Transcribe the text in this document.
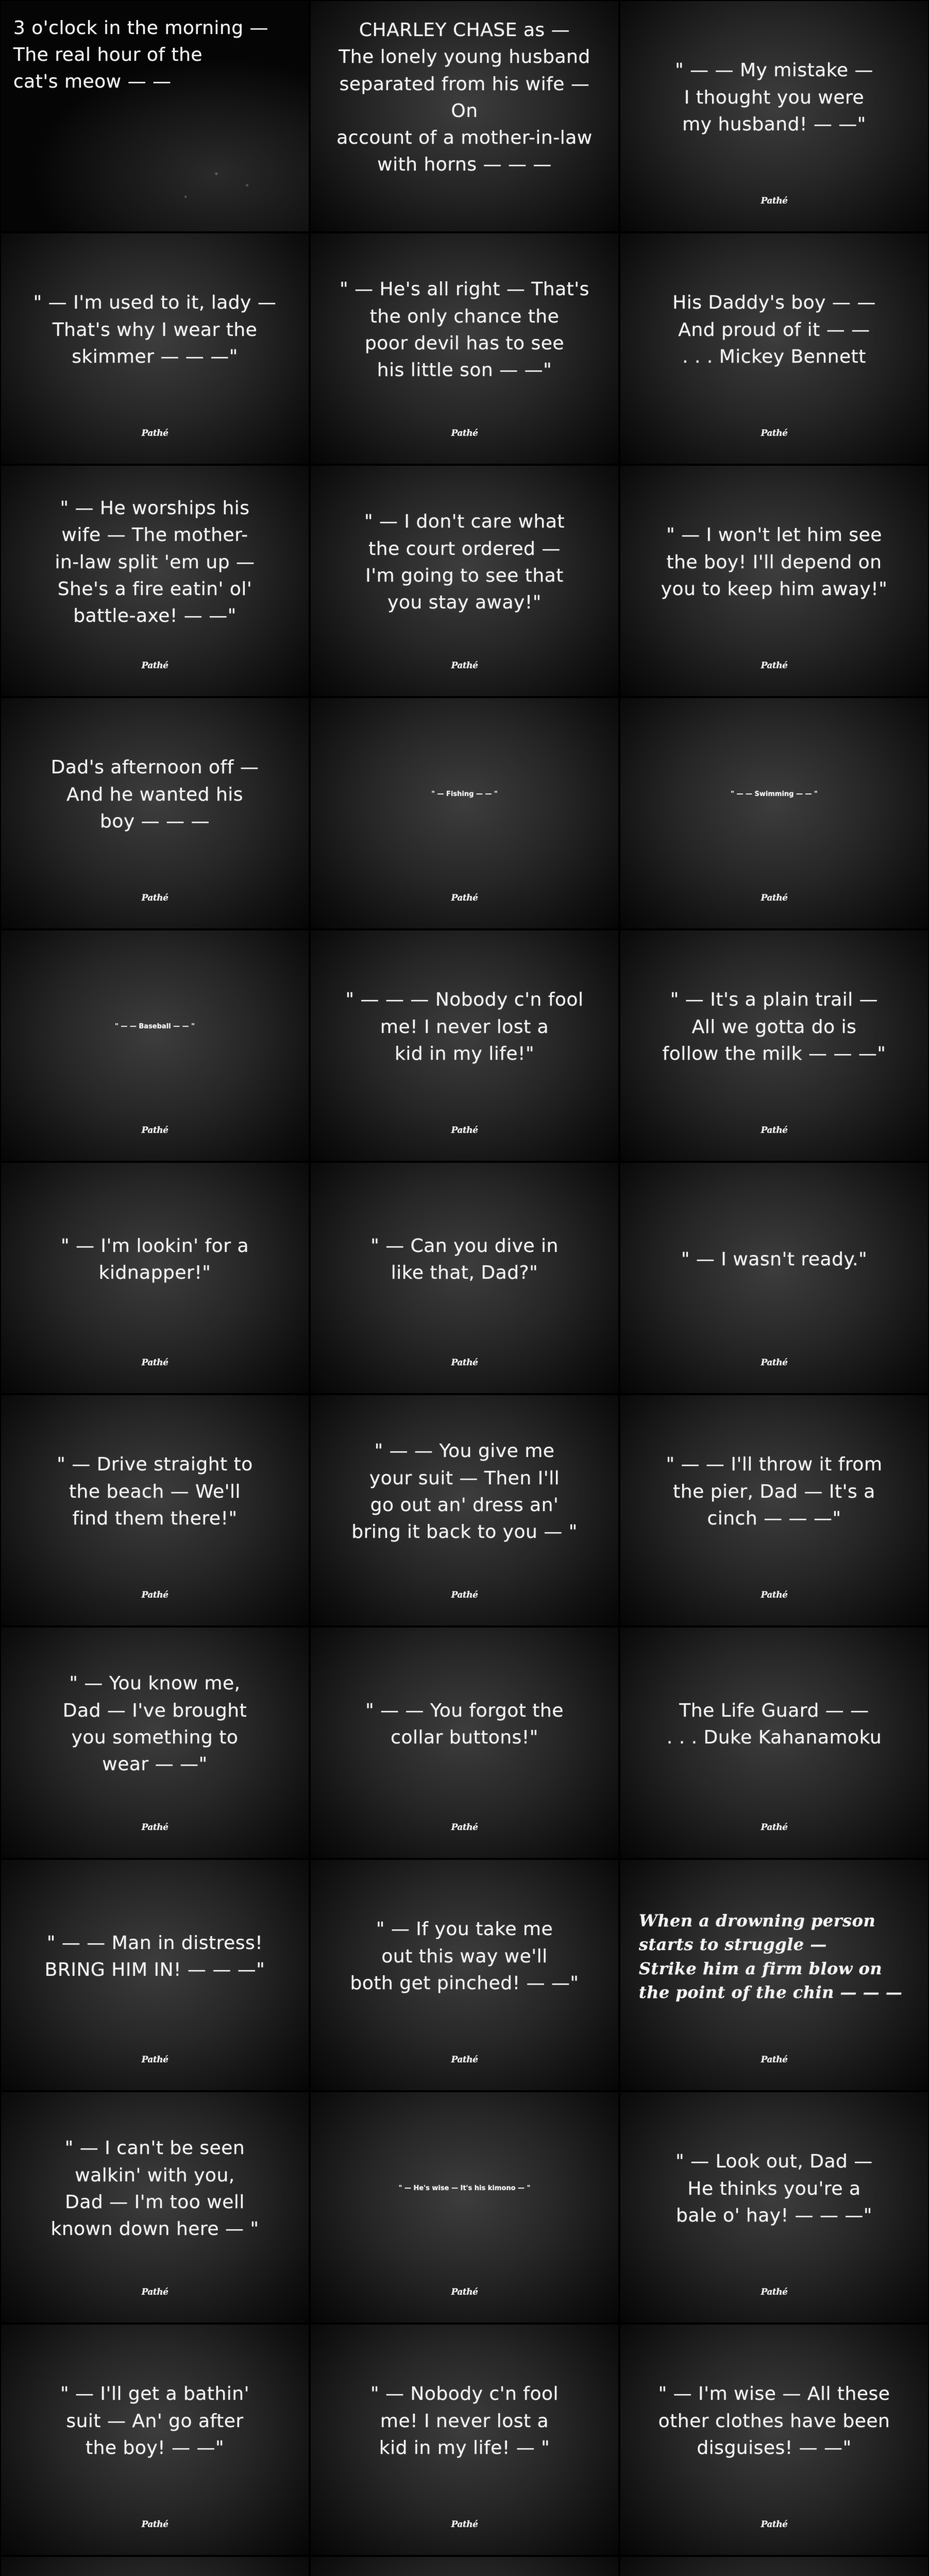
3 o'clock in the morning —
The real hour of the
cat's meow — —
CHARLEY CHASE as —
The lonely young husband
separated from his wife — On
account of a mother-in-law
with horns — — —
" — — My mistake —
I thought you were
my husband! — —"
Pathé
" — I'm used to it, lady —
That's why I wear the
skimmer — — —"
Pathé
" — He's all right — That's
the only chance the
poor devil has to see
his little son — —"
Pathé
His Daddy's boy — —
And proud of it — —
. . . Mickey Bennett
Pathé
" — He worships his
wife — The mother-
in-law split 'em up —
She's a fire eatin' ol'
battle-axe! — —"
Pathé
" — I don't care what
the court ordered —
I'm going to see that
you stay away!"
Pathé
" — I won't let him see
the boy! I'll depend on
you to keep him away!"
Pathé
Dad's afternoon off —
And he wanted his
boy — — —
Pathé
" — Fishing — — "
Pathé
" — — Swimming — — "
Pathé
" — — Baseball — — "
Pathé
" — — — Nobody c'n fool
me! I never lost a
kid in my life!"
Pathé
" — It's a plain trail —
All we gotta do is
follow the milk — — —"
Pathé
" — I'm lookin' for a
kidnapper!"
Pathé
" — Can you dive in
like that, Dad?"
Pathé
" — I wasn't ready."
Pathé
" — Drive straight to
the beach — We'll
find them there!"
Pathé
" — — You give me
your suit — Then I'll
go out an' dress an'
bring it back to you — "
Pathé
" — — I'll throw it from
the pier, Dad — It's a
cinch — — —"
Pathé
" — You know me,
Dad — I've brought
you something to
wear — —"
Pathé
" — — You forgot the
collar buttons!"
Pathé
The Life Guard — —
. . . Duke Kahanamoku
Pathé
" — — Man in distress!
BRING HIM IN! — — —"
Pathé
" — If you take me
out this way we'll
both get pinched! — —"
Pathé
When a drowning person
starts to struggle —
Strike him a firm blow on
the point of the chin — — —
Pathé
" — I can't be seen
walkin' with you,
Dad — I'm too well
known down here — "
Pathé
" — He's wise — It's his kimono — "
Pathé
" — Look out, Dad —
He thinks you're a
bale o' hay! — — —"
Pathé
" — I'll get a bathin'
suit — An' go after
the boy! — —"
Pathé
" — Nobody c'n fool
me! I never lost a
kid in my life! — "
Pathé
" — I'm wise — All these
other clothes have been
disguises! — —"
Pathé
